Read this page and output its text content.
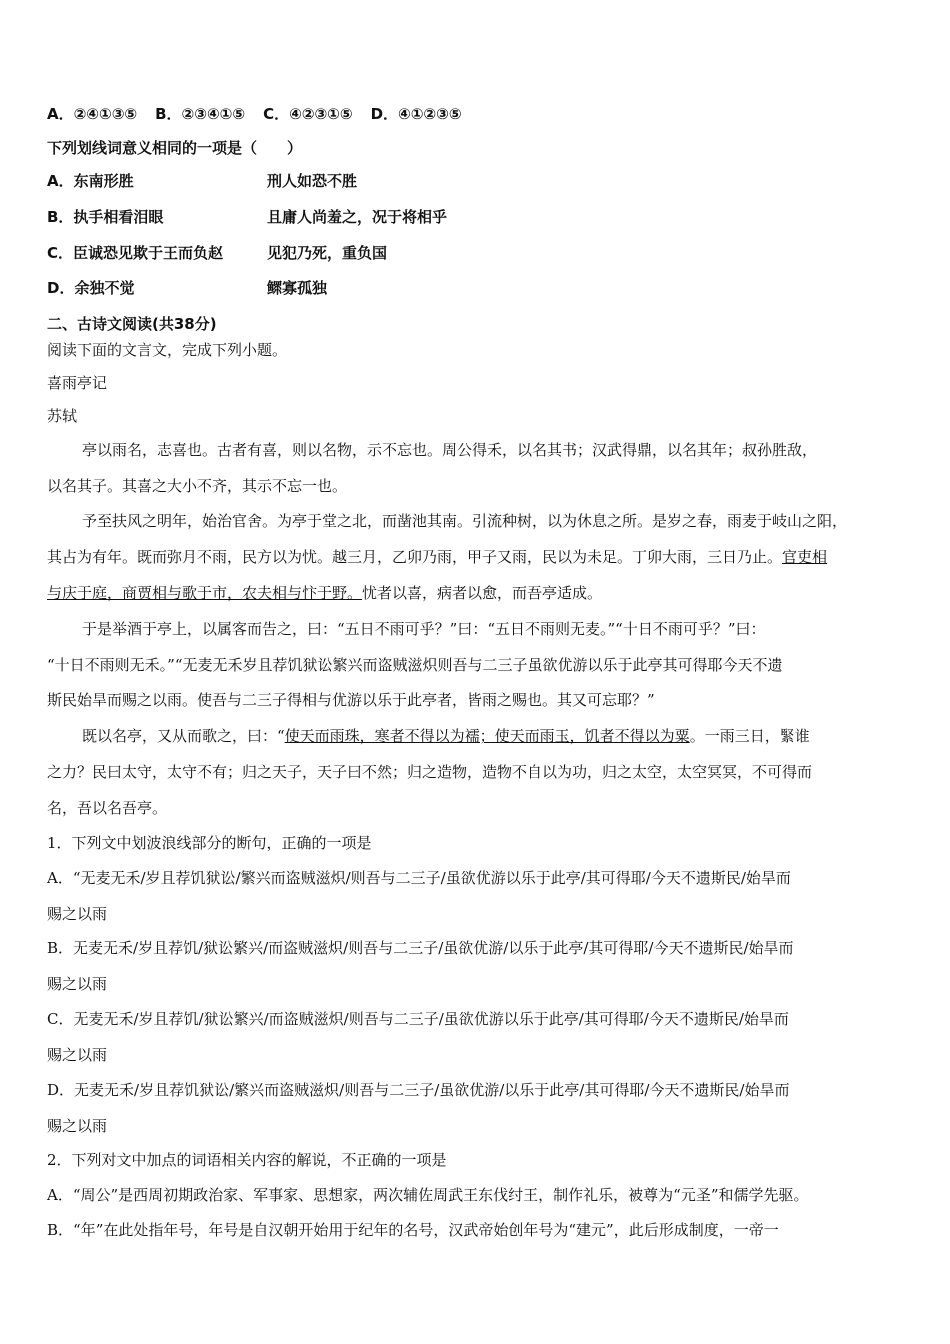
A．②④①③⑤ B．②③④①⑤ C．④②③①⑤ D．④①②③⑤
下列划线词意义相同的一项是（　　）
A．东南形胜	刑人如恐不胜
B．执手相看泪眼	且庸人尚羞之，况于将相乎
C．臣诚恐见欺于王而负赵	见犯乃死，重负国
D．余独不觉	鳏寡孤独
二、古诗文阅读(共38分)
阅读下面的文言文，完成下列小题。
喜雨亭记
苏轼
亭以雨名，志喜也。古者有喜，则以名物，示不忘也。周公得禾，以名其书；汉武得鼎，以名其年；叔孙胜敌，
以名其子。其喜之大小不齐，其示不忘一也。
予至扶风之明年，始治官舍。为亭于堂之北，而凿池其南。引流种树，以为休息之所。是岁之春，雨麦于岐山之阳，
其占为有年。既而弥月不雨，民方以为忧。越三月，乙卯乃雨，甲子又雨，民以为未足。丁卯大雨，三日乃止。官吏相
与庆于庭，商贾相与歌于市，农夫相与忭于野。忧者以喜，病者以愈，而吾亭适成。
于是举酒于亭上，以属客而告之，曰：“五日不雨可乎？”曰：“五日不雨则无麦。”“十日不雨可乎？”曰：
“十日不雨则无禾。”“无麦无禾岁且荐饥狱讼繁兴而盗贼滋炽则吾与二三子虽欲优游以乐于此亭其可得耶今天不遗
斯民始旱而赐之以雨。使吾与二三子得相与优游以乐于此亭者，皆雨之赐也。其又可忘耶？”
既以名亭，又从而歌之，曰：“使天而雨珠，寒者不得以为襦；使天而雨玉，饥者不得以为粟。一雨三日，緊谁
之力？民曰太守，太守不有；归之天子，天子曰不然；归之造物，造物不自以为功，归之太空，太空冥冥，不可得而
名，吾以名吾亭。
1．下列文中划波浪线部分的断句，正确的一项是
A．“无麦无禾/岁且荐饥狱讼/繁兴而盗贼滋炽/则吾与二三子/虽欲优游以乐于此亭/其可得耶/今天不遗斯民/始旱而
赐之以雨
B．无麦无禾/岁且荐饥/狱讼繁兴/而盗贼滋炽/则吾与二三子/虽欲优游/以乐于此亭/其可得耶/今天不遗斯民/始旱而
赐之以雨
C．无麦无禾/岁且荐饥/狱讼繁兴/而盗贼滋炽/则吾与二三子/虽欲优游以乐于此亭/其可得耶/今天不遗斯民/始旱而
赐之以雨
D．无麦无禾/岁且荐饥狱讼/繁兴而盗贼滋炽/则吾与二三子/虽欲优游/以乐于此亭/其可得耶/今天不遗斯民/始旱而
赐之以雨
2．下列对文中加点的词语相关内容的解说，不正确的一项是
A．“周公”是西周初期政治家、军事家、思想家，两次辅佐周武王东伐纣王，制作礼乐，被尊为“元圣”和儒学先驱。
B．“年”在此处指年号，年号是自汉朝开始用于纪年的名号，汉武帝始创年号为“建元”，此后形成制度，一帝一
